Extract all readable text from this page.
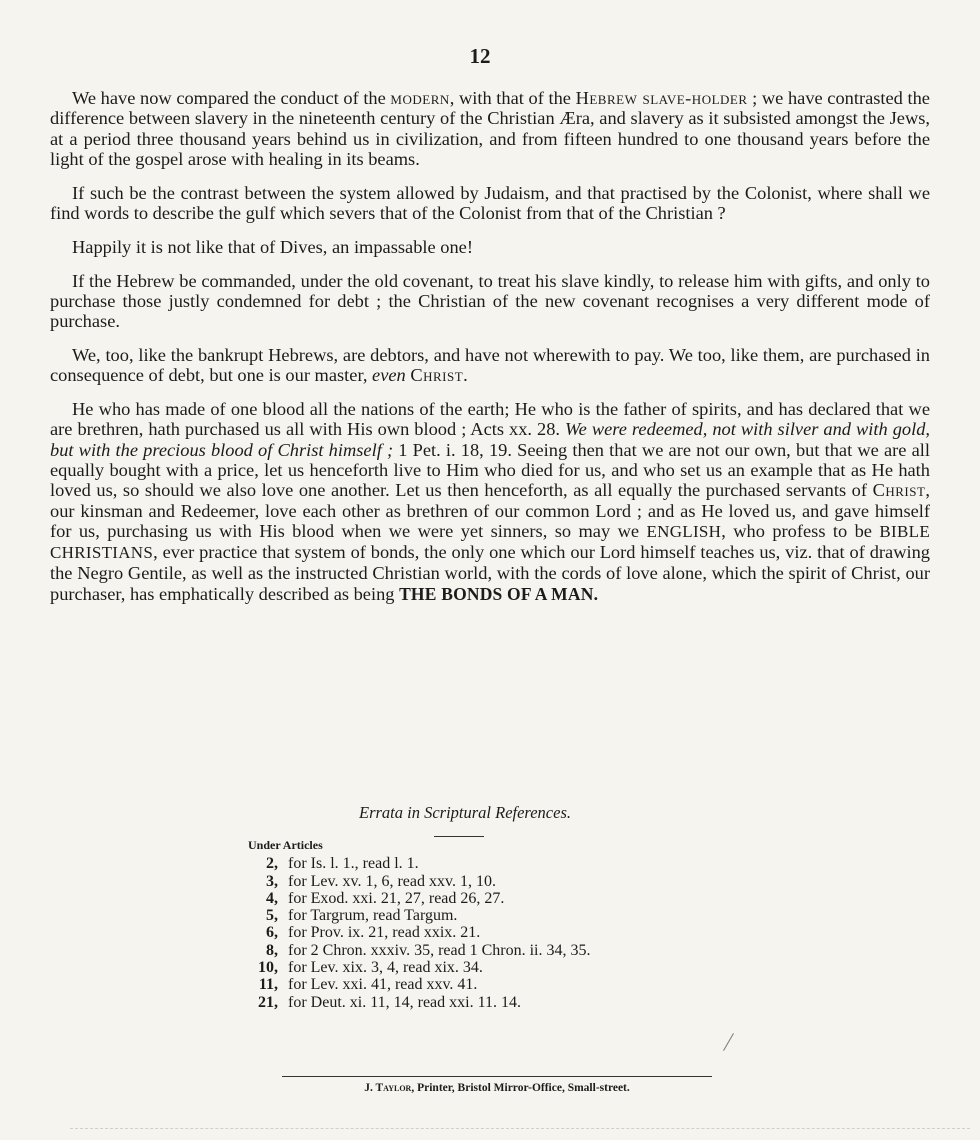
12

We have now compared the conduct of the modern, with that of the Hebrew slave-holder ; we have contrasted the difference between slavery in the nineteenth century of the Christian Æra, and slavery as it subsisted amongst the Jews, at a period three thousand years behind us in civilization, and from fifteen hundred to one thousand years before the light of the gospel arose with healing in its beams.

If such be the contrast between the system allowed by Judaism, and that practised by the Colonist, where shall we find words to describe the gulf which severs that of the Colonist from that of the Christian ?

Happily it is not like that of Dives, an impassable one!

If the Hebrew be commanded, under the old covenant, to treat his slave kindly, to release him with gifts, and only to purchase those justly condemned for debt ; the Christian of the new covenant recognises a very different mode of purchase.

We, too, like the bankrupt Hebrews, are debtors, and have not wherewith to pay. We too, like them, are purchased in consequence of debt, but one is our master, even Christ.

He who has made of one blood all the nations of the earth; He who is the father of spirits, and has declared that we are brethren, hath purchased us all with His own blood ; Acts xx. 28. We were redeemed, not with silver and with gold, but with the precious blood of Christ himself ; 1 Pet. i. 18, 19. Seeing then that we are not our own, but that we are all equally bought with a price, let us henceforth live to Him who died for us, and who set us an example that as He hath loved us, so should we also love one another. Let us then henceforth, as all equally the purchased servants of Christ, our kinsman and Redeemer, love each other as brethren of our common Lord ; and as He loved us, and gave himself for us, purchasing us with His blood when we were yet sinners, so may we ENGLISH, who profess to be BIBLE CHRISTIANS, ever practice that system of bonds, the only one which our Lord himself teaches us, viz. that of drawing the Negro Gentile, as well as the instructed Christian world, with the cords of love alone, which the spirit of Christ, our purchaser, has emphatically described as being THE BONDS OF A MAN.

Errata in Scriptural References.
Under Articles
2, for Is. l. 1., read l. 1.
3, for Lev. xv. 1, 6, read xxv. 1, 10.
4, for Exod. xxi. 21, 27, read 26, 27.
5, for Targrum, read Targum.
6, for Prov. ix. 21, read xxix. 21.
8, for 2 Chron. xxxiv. 35, read 1 Chron. ii. 34, 35.
10, for Lev. xix. 3, 4, read xix. 34.
11, for Lev. xxi. 41, read xxv. 41.
21, for Deut. xi. 11, 14, read xxi. 11. 14.
J. Taylor, Printer, Bristol Mirror-Office, Small-street.
